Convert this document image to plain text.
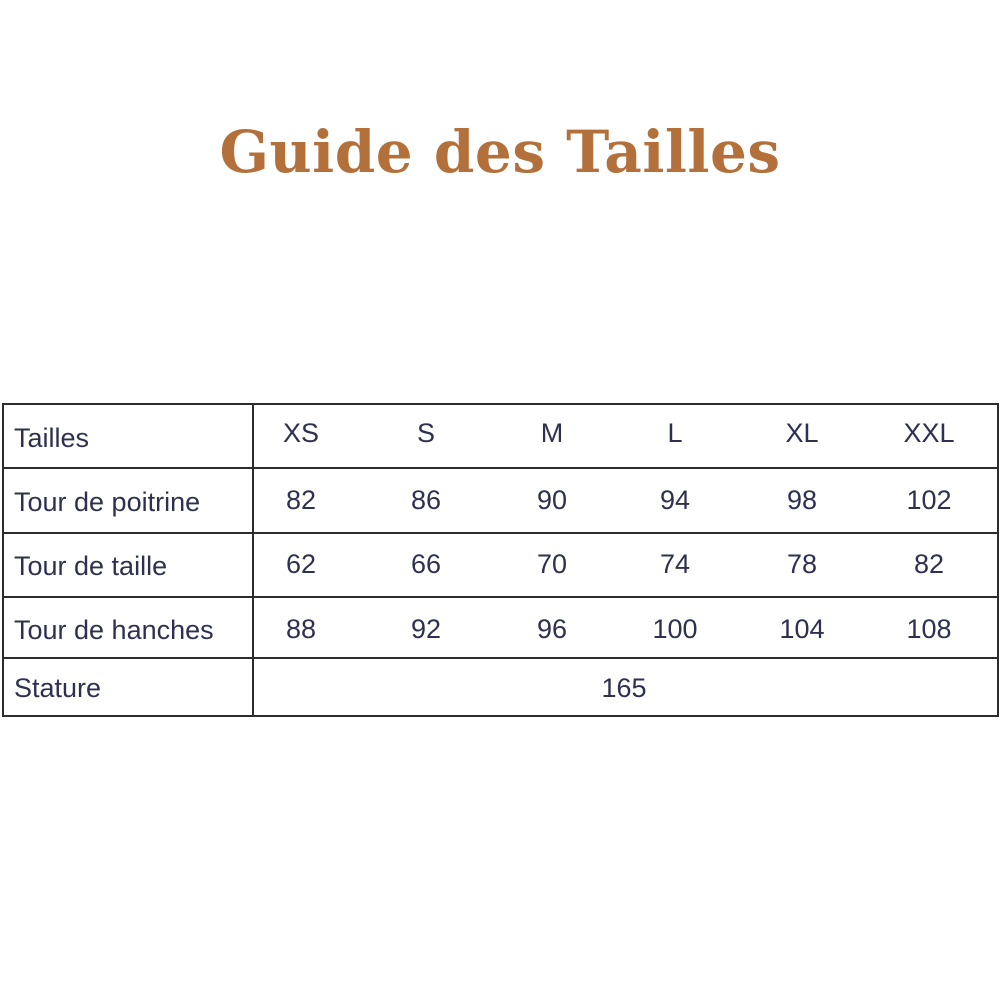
Guide des Tailles
Tailles	XS	S	M	L	XL	XXL
Tour de poitrine	82	86	90	94	98	102
Tour de taille	62	66	70	74	78	82
Tour de hanches	88	92	96	100	104	108
Stature	165
